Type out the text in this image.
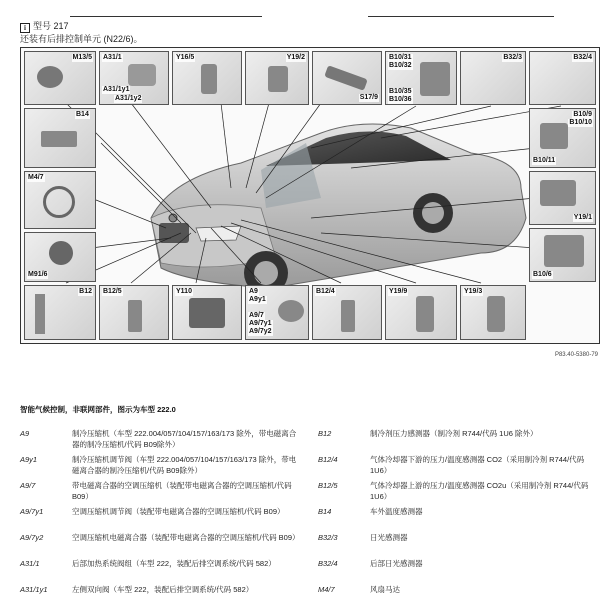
i 型号 217
还装有后排控制单元 (N22/6)。
M13/5 A31/1
A31/1y1
A31/1y2
Y16/5	Y19/2
S17/9
B10/31
B10/32
B10/35
B10/36
B32/3	B32/4
B14
M4/7
M91/6
B10/9
B10/10
B10/11
Y19/1
B10/6
B12 B12/5	Y110	A9
A9y1
A9/7
A9/7y1
A9/7y2
B12/4	Y19/9	Y19/3
P83.40-5380-79
智能气候控制，非联网部件，图示为车型 222.0
A9	制冷压缩机（车型 222.004/057/104/157/163/173 除外，带电磁离合器的制冷压缩机/代码 B09除外）
A9y1	制冷压缩机调节阀（车型 222.004/057/104/157/163/173 除外，带电磁离合器的制冷压缩机/代码 B09除外）
A9/7	带电磁离合器的空调压缩机（装配带电磁离合器的空调压缩机/代码 B09）
A9/7y1	空调压缩机调节阀（装配带电磁离合器的空调压缩机/代码 B09）
A9/7y2	空调压缩机电磁离合器（装配带电磁离合器的空调压缩机/代码 B09）
A31/1	后部加热系统阀组（车型 222，装配后排空调系统/代码 582）
A31/1y1	左侧双向阀（车型 222，装配后排空调系统/代码 582）
B12	制冷剂压力感测器（制冷剂 R744/代码 1U6 除外）
B12/4	气体冷却器下游的压力/温度感测器 CO2（采用制冷剂 R744/代码 1U6）
B12/5	气体冷却器上游的压力/温度感测器 CO2u（采用制冷剂 R744/代码 1U6）
B14	车外温度感测器
B32/3	日光感测器
B32/4	后部日光感测器
M4/7	风扇马达
